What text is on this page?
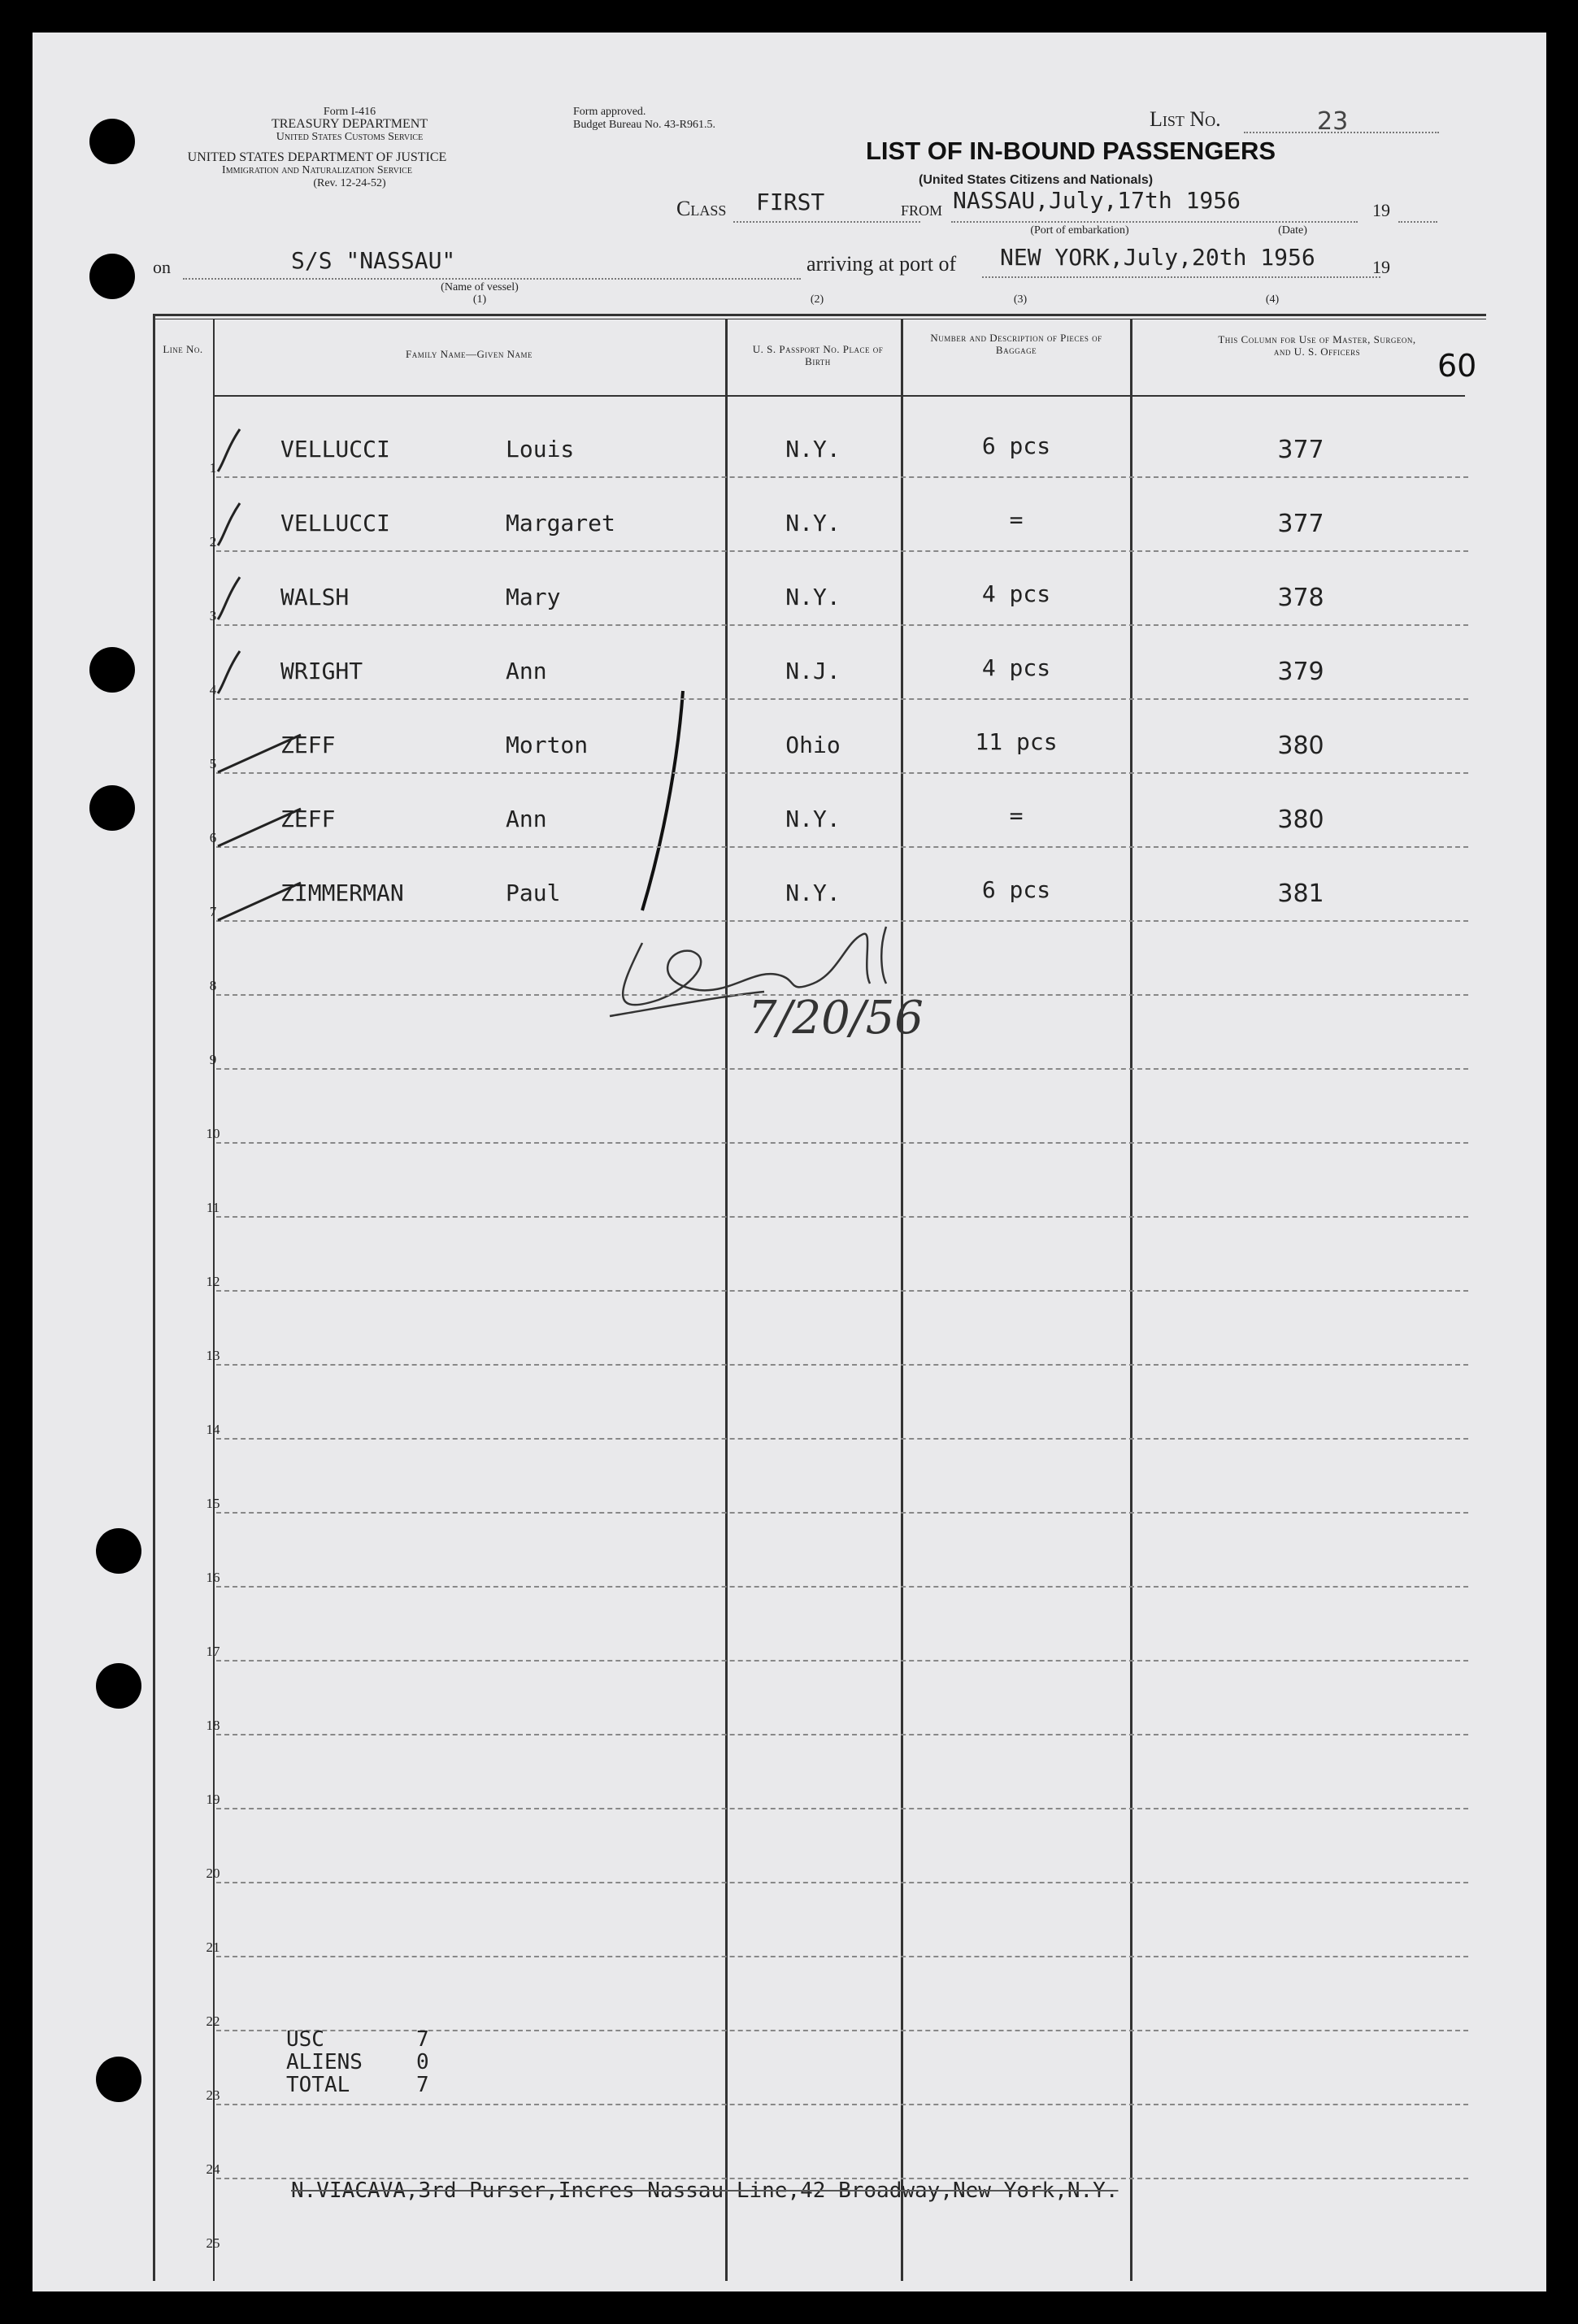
Form I-416
TREASURY DEPARTMENT
United States Customs Service
UNITED STATES DEPARTMENT OF JUSTICE
Immigration and Naturalization Service
(Rev. 12-24-52)
Form approved.
Budget Bureau No. 43-R961.5.	List No.	23
LIST OF IN-BOUND PASSENGERS
(United States Citizens and Nationals)
Class FIRST	from NASSAU,July,17th 1956	19
(Port of embarkation)	(Date)
on	S/S "NASSAU"
(Name of vessel)
(1)
arriving at port of NEW YORK,July,20th 1956	19
(2)	(3)	(4)
60
Line No.	Family Name—Given Name	U. S. Passport No. Place of Birth
Number and Description of Pieces of Baggage
This Column for Use of Master, Surgeon, and U. S. Officers
7/20/56
N.VIACAVA,3rd Purser,Incres Nassau Line,42 Broadway,New York,N.Y.
1
VELLUCCI	Louis	N.Y.	6 pcs	377
2
VELLUCCI	Margaret	N.Y.	=	377
3
WALSH	Mary	N.Y.	4 pcs	378
4
WRIGHT	Ann	N.J.	4 pcs	379
5
ZEFF	Morton	Ohio	11 pcs	380
6
ZEFF	Ann	N.Y.	=	380
7
ZIMMERMAN	Paul	N.Y.	6 pcs	381
8
9
10
11
12
13
14
15
16
17
18
19
20
21
22
23
24
25
USC	7
ALIENS	0
TOTAL	7
